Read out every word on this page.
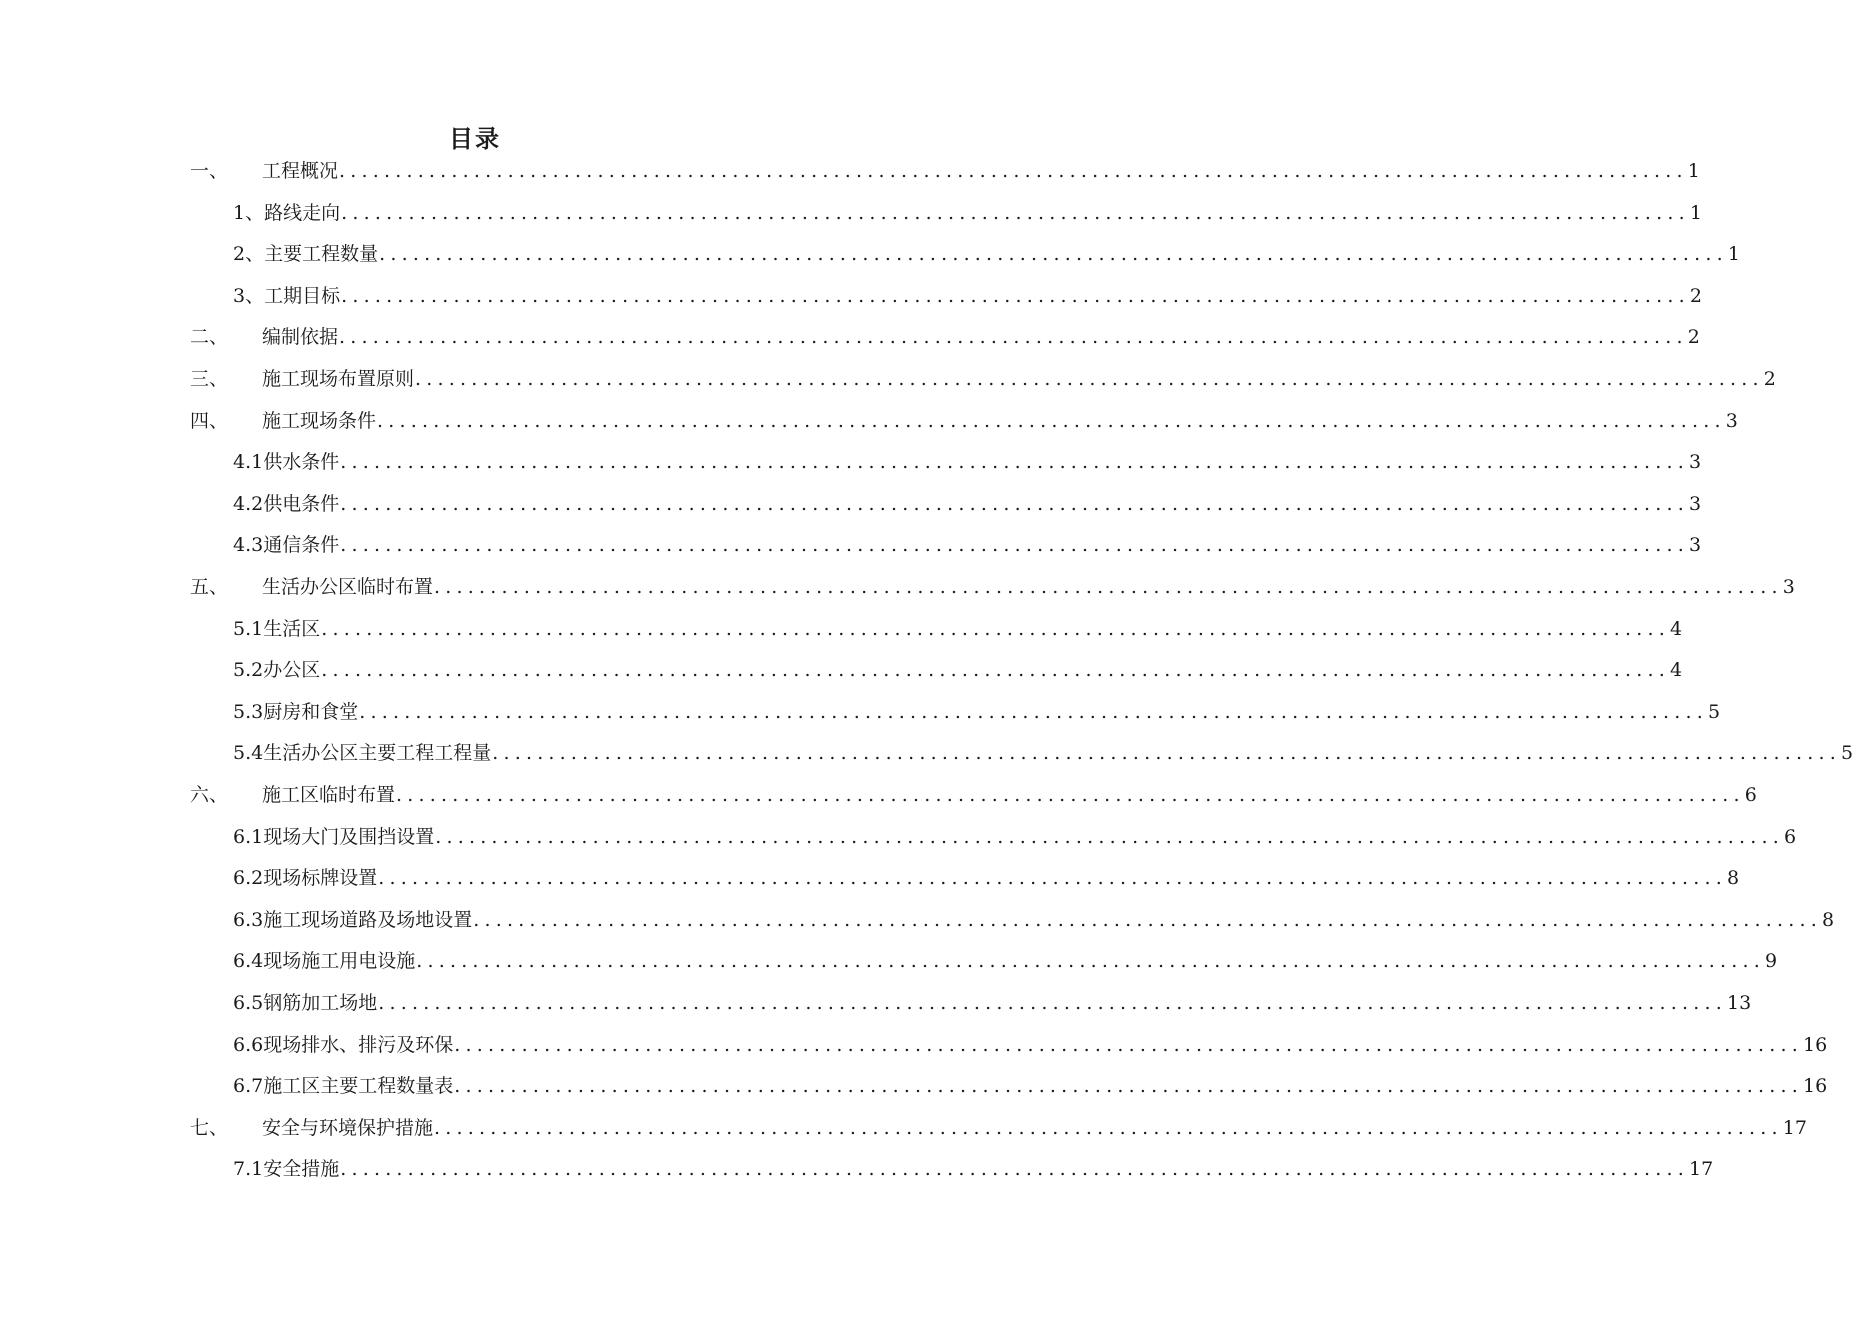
目录
一、	工程概况 ........................................................................................................................ 1
1、 路线走向 ........................................................................................................................ 1
2、 主要工程数量 ........................................................................................................................ 1
3、 工期目标 ........................................................................................................................ 2
二、	编制依据 ........................................................................................................................ 2
三、	施工现场布置原则 ........................................................................................................................ 2
四、	施工现场条件 ........................................................................................................................ 3
4.1 供水条件 ........................................................................................................................ 3
4.2 供电条件 ........................................................................................................................ 3
4.3 通信条件 ........................................................................................................................ 3
五、	生活办公区临时布置 ........................................................................................................................ 3
5.1 生活区 ........................................................................................................................ 4
5.2 办公区 ........................................................................................................................ 4
5.3 厨房和食堂 ........................................................................................................................ 5
5.4 生活办公区主要工程工程量 ........................................................................................................................ 5
六、	施工区临时布置 ........................................................................................................................ 6
6.1 现场大门及围挡设置 ........................................................................................................................ 6
6.2 现场标牌设置 ........................................................................................................................ 8
6.3 施工现场道路及场地设置 ........................................................................................................................ 8
6.4 现场施工用电设施 ........................................................................................................................ 9
6.5 钢筋加工场地 ........................................................................................................................ 13
6.6 现场排水、排污及环保 ........................................................................................................................ 16
6.7 施工区主要工程数量表 ........................................................................................................................ 16
七、	安全与环境保护措施 ........................................................................................................................ 17
7.1 安全措施 ........................................................................................................................ 17
